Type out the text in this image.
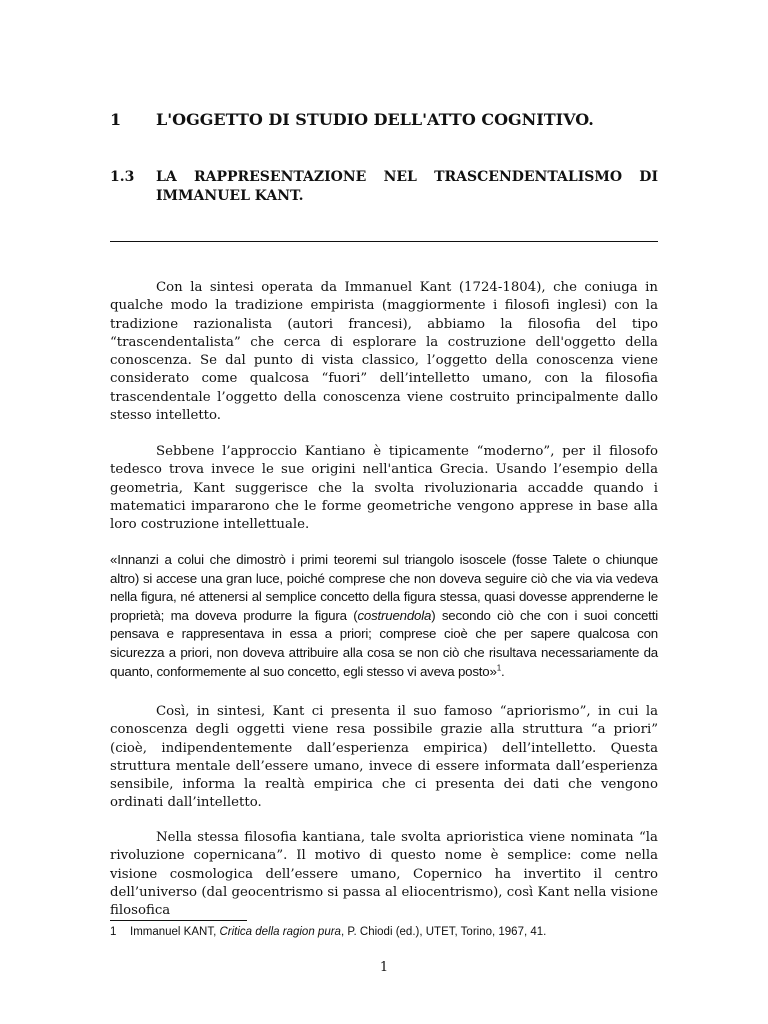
1 L'OGGETTO DI STUDIO DELL'ATTO COGNITIVO.
1.3 LA RAPPRESENTAZIONE NEL TRASCENDENTALISMO DI IMMANUEL KANT.

Con la sintesi operata da Immanuel Kant (1724-1804), che coniuga in qualche modo la tradizione empirista (maggiormente i filosofi inglesi) con la tradizione razionalista (autori francesi), abbiamo la filosofia del tipo “trascendentalista” che cerca di esplorare la costruzione dell'oggetto della conoscenza. Se dal punto di vista classico, l’oggetto della conoscenza viene considerato come qualcosa “fuori” dell’intelletto umano, con la filosofia trascendentale l’oggetto della conoscenza viene costruito principalmente dallo stesso intelletto.

Sebbene l’approccio Kantiano è tipicamente “moderno”, per il filosofo tedesco trova invece le sue origini nell'antica Grecia. Usando l’esempio della geometria, Kant suggerisce che la svolta rivoluzionaria accadde quando i matematici impararono che le forme geometriche vengono apprese in base alla loro costruzione intellettuale.

«Innanzi a colui che dimostrò i primi teoremi sul triangolo isoscele (fosse Talete o chiunque altro) si accese una gran luce, poiché comprese che non doveva seguire ciò che via via vedeva nella figura, né attenersi al semplice concetto della figura stessa, quasi dovesse apprenderne le proprietà; ma doveva produrre la figura (costruendola) secondo ciò che con i suoi concetti pensava e rappresentava in essa a priori; comprese cioè che per sapere qualcosa con sicurezza a priori, non doveva attribuire alla cosa se non ciò che risultava necessariamente da quanto, conformemente al suo concetto, egli stesso vi aveva posto»$^1$.

Così, in sintesi, Kant ci presenta il suo famoso “apriorismo”, in cui la conoscenza degli oggetti viene resa possibile grazie alla struttura “a priori” (cioè, indipendentemente dall’esperienza empirica) dell’intelletto. Questa struttura mentale dell’essere umano, invece di essere informata dall’esperienza sensibile, informa la realtà empirica che ci presenta dei dati che vengono ordinati dall’intelletto.

Nella stessa filosofia kantiana, tale svolta aprioristica viene nominata “la rivoluzione copernicana”. Il motivo di questo nome è semplice: come nella visione cosmologica dell’essere umano, Copernico ha invertito il centro dell’universo (dal geocentrismo si passa al eliocentrismo), così Kant nella visione filosofica

1 Immanuel KANT, Critica della ragion pura, P. Chiodi (ed.), UTET, Torino, 1967, 41.
1
